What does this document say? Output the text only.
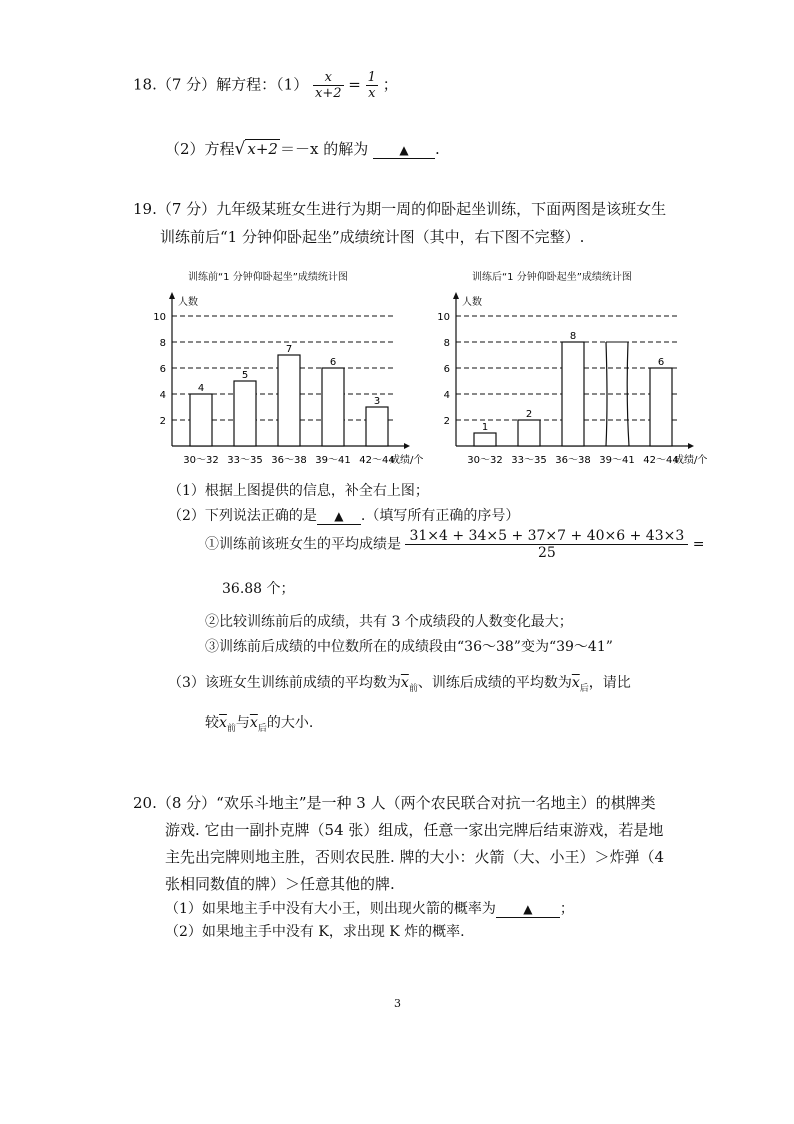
18.（7 分）解方程：$(1) \frac{x}{x+2} = \frac{1}{x}$ ；
（2）方程√ x+2 ＝－x 的解为	▲ .
19.（7 分）九年级某班女生进行为期一周的仰卧起坐训练，下面两图是该班女生
训练前后“1 分钟仰卧起坐”成绩统计图（其中，右下图不完整）.
训练前“1 分钟仰卧起坐”成绩统计图	训练后“1 分钟仰卧起坐”成绩统计图
人数
成绩/个
2
4
6
8
10
30～32
4
33～35
5
36～38
7
39～41
6
42～44
3
人数
成绩/个
2
4
6
8
10
30～32
1
33～35
2
36～38
8
39～41 42～44
6
（1）根据上图提供的信息，补全右上图；
（2）下列说法正确的是 ▲ .（填写所有正确的序号）
①训练前该班女生的平均成绩是 $\frac{31\times 4 + 34\times 5 + 37\times 7 + 40\times 6 + 43\times 3}{25}$ =
36.88 个；
②比较训练前后的成绩，共有 3 个成绩段的人数变化最大；
③训练前后成绩的中位数所在的成绩段由“36～38”变为“39～41”
（3）该班女生训练前成绩的平均数为$\overline{x}_前$、训练后成绩的平均数为$\overline{x}_后$，请比
较$\overline{x}_前$与$\overline{x}_后$的大小.
20.（8 分）“欢乐斗地主”是一种 3 人（两个农民联合对抗一名地主）的棋牌类
游戏. 它由一副扑克牌（54 张）组成，任意一家出完牌后结束游戏，若是地
主先出完牌则地主胜，否则农民胜. 牌的大小：火箭（大、小王）＞炸弹（4
张相同数值的牌）＞任意其他的牌.
（1）如果地主手中没有大小王，则出现火箭的概率为 ▲ ；
（2）如果地主手中没有 K，求出现 K 炸的概率.
3
